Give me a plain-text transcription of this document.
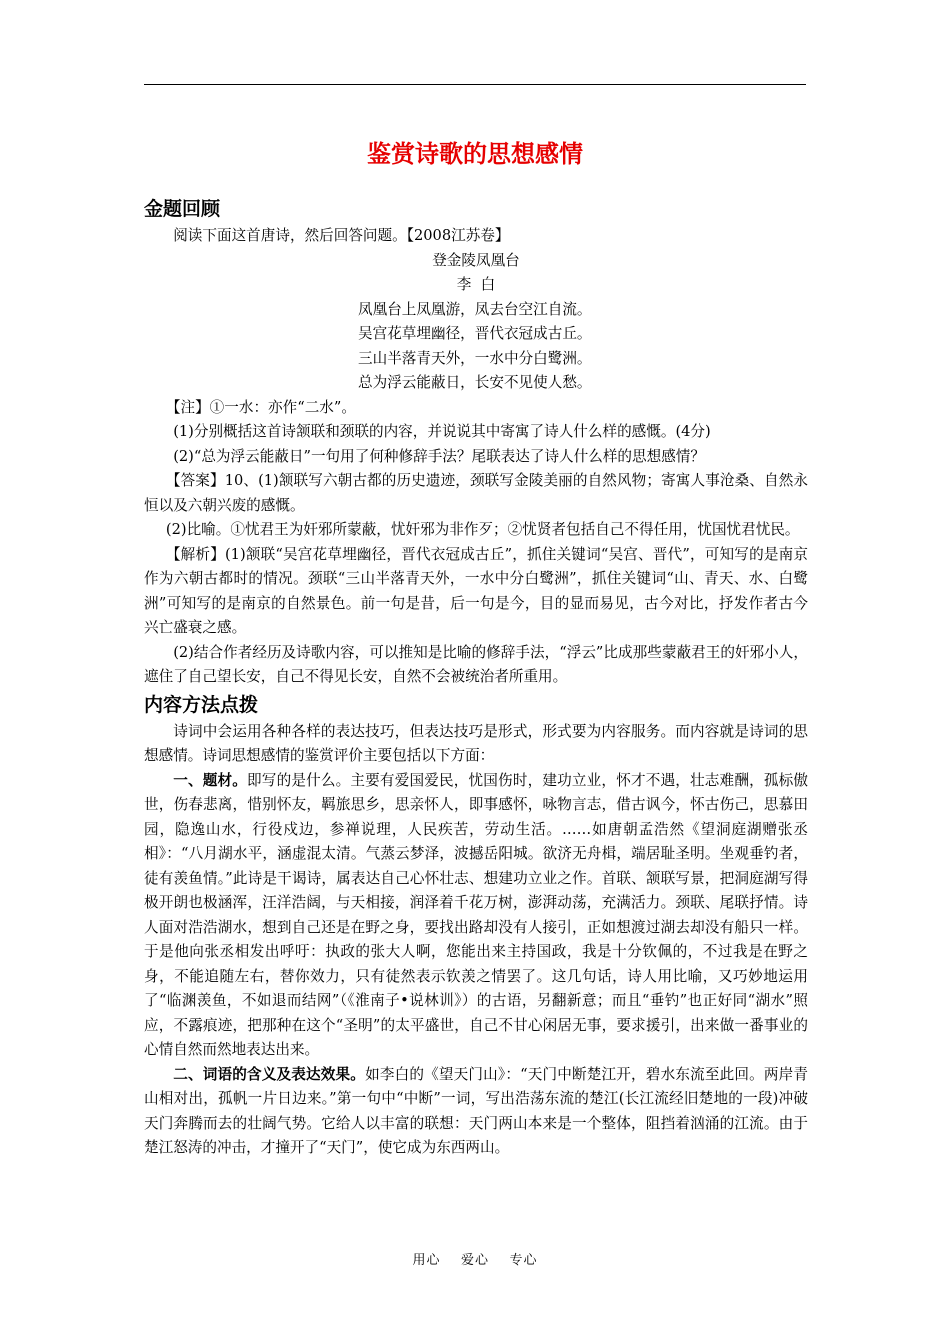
鉴赏诗歌的思想感情

金题回顾

阅读下面这首唐诗，然后回答问题。【2008江苏卷】

登金陵凤凰台

李  白

凤凰台上凤凰游，凤去台空江自流。

吴宫花草埋幽径，晋代衣冠成古丘。

三山半落青天外，一水中分白鹭洲。

总为浮云能蔽日，长安不见使人愁。

【注】①一水：亦作“二水”。

(1)分别概括这首诗颔联和颈联的内容，并说说其中寄寓了诗人什么样的感慨。(4分)

(2)“总为浮云能蔽日”一句用了何种修辞手法？尾联表达了诗人什么样的思想感情？

【答案】10、(1)颔联写六朝古都的历史遗迹，颈联写金陵美丽的自然风物；寄寓人事沧桑、自然永恒以及六朝兴废的感慨。

(2)比喻。①忧君王为奸邪所蒙蔽，忧奸邪为非作歹；②忧贤者包括自己不得任用，忧国忧君忧民。

【解析】(1)颔联“吴宫花草埋幽径，晋代衣冠成古丘”，抓住关键词“吴宫、晋代”，可知写的是南京作为六朝古都时的情况。颈联“三山半落青天外，一水中分白鹭洲”，抓住关键词“山、青天、水、白鹭洲”可知写的是南京的自然景色。前一句是昔，后一句是今，目的显而易见，古今对比，抒发作者古今兴亡盛衰之感。

(2)结合作者经历及诗歌内容，可以推知是比喻的修辞手法，“浮云”比成那些蒙蔽君王的奸邪小人，遮住了自己望长安，自己不得见长安，自然不会被统治者所重用。

内容方法点拨

诗词中会运用各种各样的表达技巧，但表达技巧是形式，形式要为内容服务。而内容就是诗词的思想感情。诗词思想感情的鉴赏评价主要包括以下方面：

一、题材。即写的是什么。主要有爱国爱民，忧国伤时，建功立业，怀才不遇，壮志难酬，孤标傲世，伤春悲离，惜别怀友，羁旅思乡，思亲怀人，即事感怀，咏物言志，借古讽今，怀古伤己，思慕田园，隐逸山水，行役戍边，参禅说理，人民疾苦，劳动生活。……如唐朝孟浩然《望洞庭湖赠张丞相》：“八月湖水平，涵虚混太清。气蒸云梦泽，波撼岳阳城。欲济无舟楫，端居耻圣明。坐观垂钓者，徒有羡鱼情。”此诗是干谒诗，属表达自己心怀壮志、想建功立业之作。首联、颔联写景，把洞庭湖写得极开朗也极涵浑，汪洋浩阔，与天相接，润泽着千花万树，澎湃动荡，充满活力。颈联、尾联抒情。诗人面对浩浩湖水，想到自己还是在野之身，要找出路却没有人接引，正如想渡过湖去却没有船只一样。于是他向张丞相发出呼吁：执政的张大人啊，您能出来主持国政，我是十分钦佩的，不过我是在野之身，不能追随左右，替你效力，只有徒然表示钦羡之情罢了。这几句话，诗人用比喻，又巧妙地运用了“临渊羡鱼，不如退而结网”（《淮南子•说林训》）的古语，另翻新意；而且“垂钓”也正好同“湖水”照应，不露痕迹，把那种在这个“圣明”的太平盛世，自己不甘心闲居无事，要求援引，出来做一番事业的心情自然而然地表达出来。

二、词语的含义及表达效果。如李白的《望天门山》：“天门中断楚江开，碧水东流至此回。两岸青山相对出，孤帆一片日边来。”第一句中“中断”一词，写出浩荡东流的楚江(长江流经旧楚地的一段)冲破天门奔腾而去的壮阔气势。它给人以丰富的联想：天门两山本来是一个整体，阻挡着汹涌的江流。由于楚江怒涛的冲击，才撞开了“天门”，使它成为东西两山。

用心    爱心    专心
